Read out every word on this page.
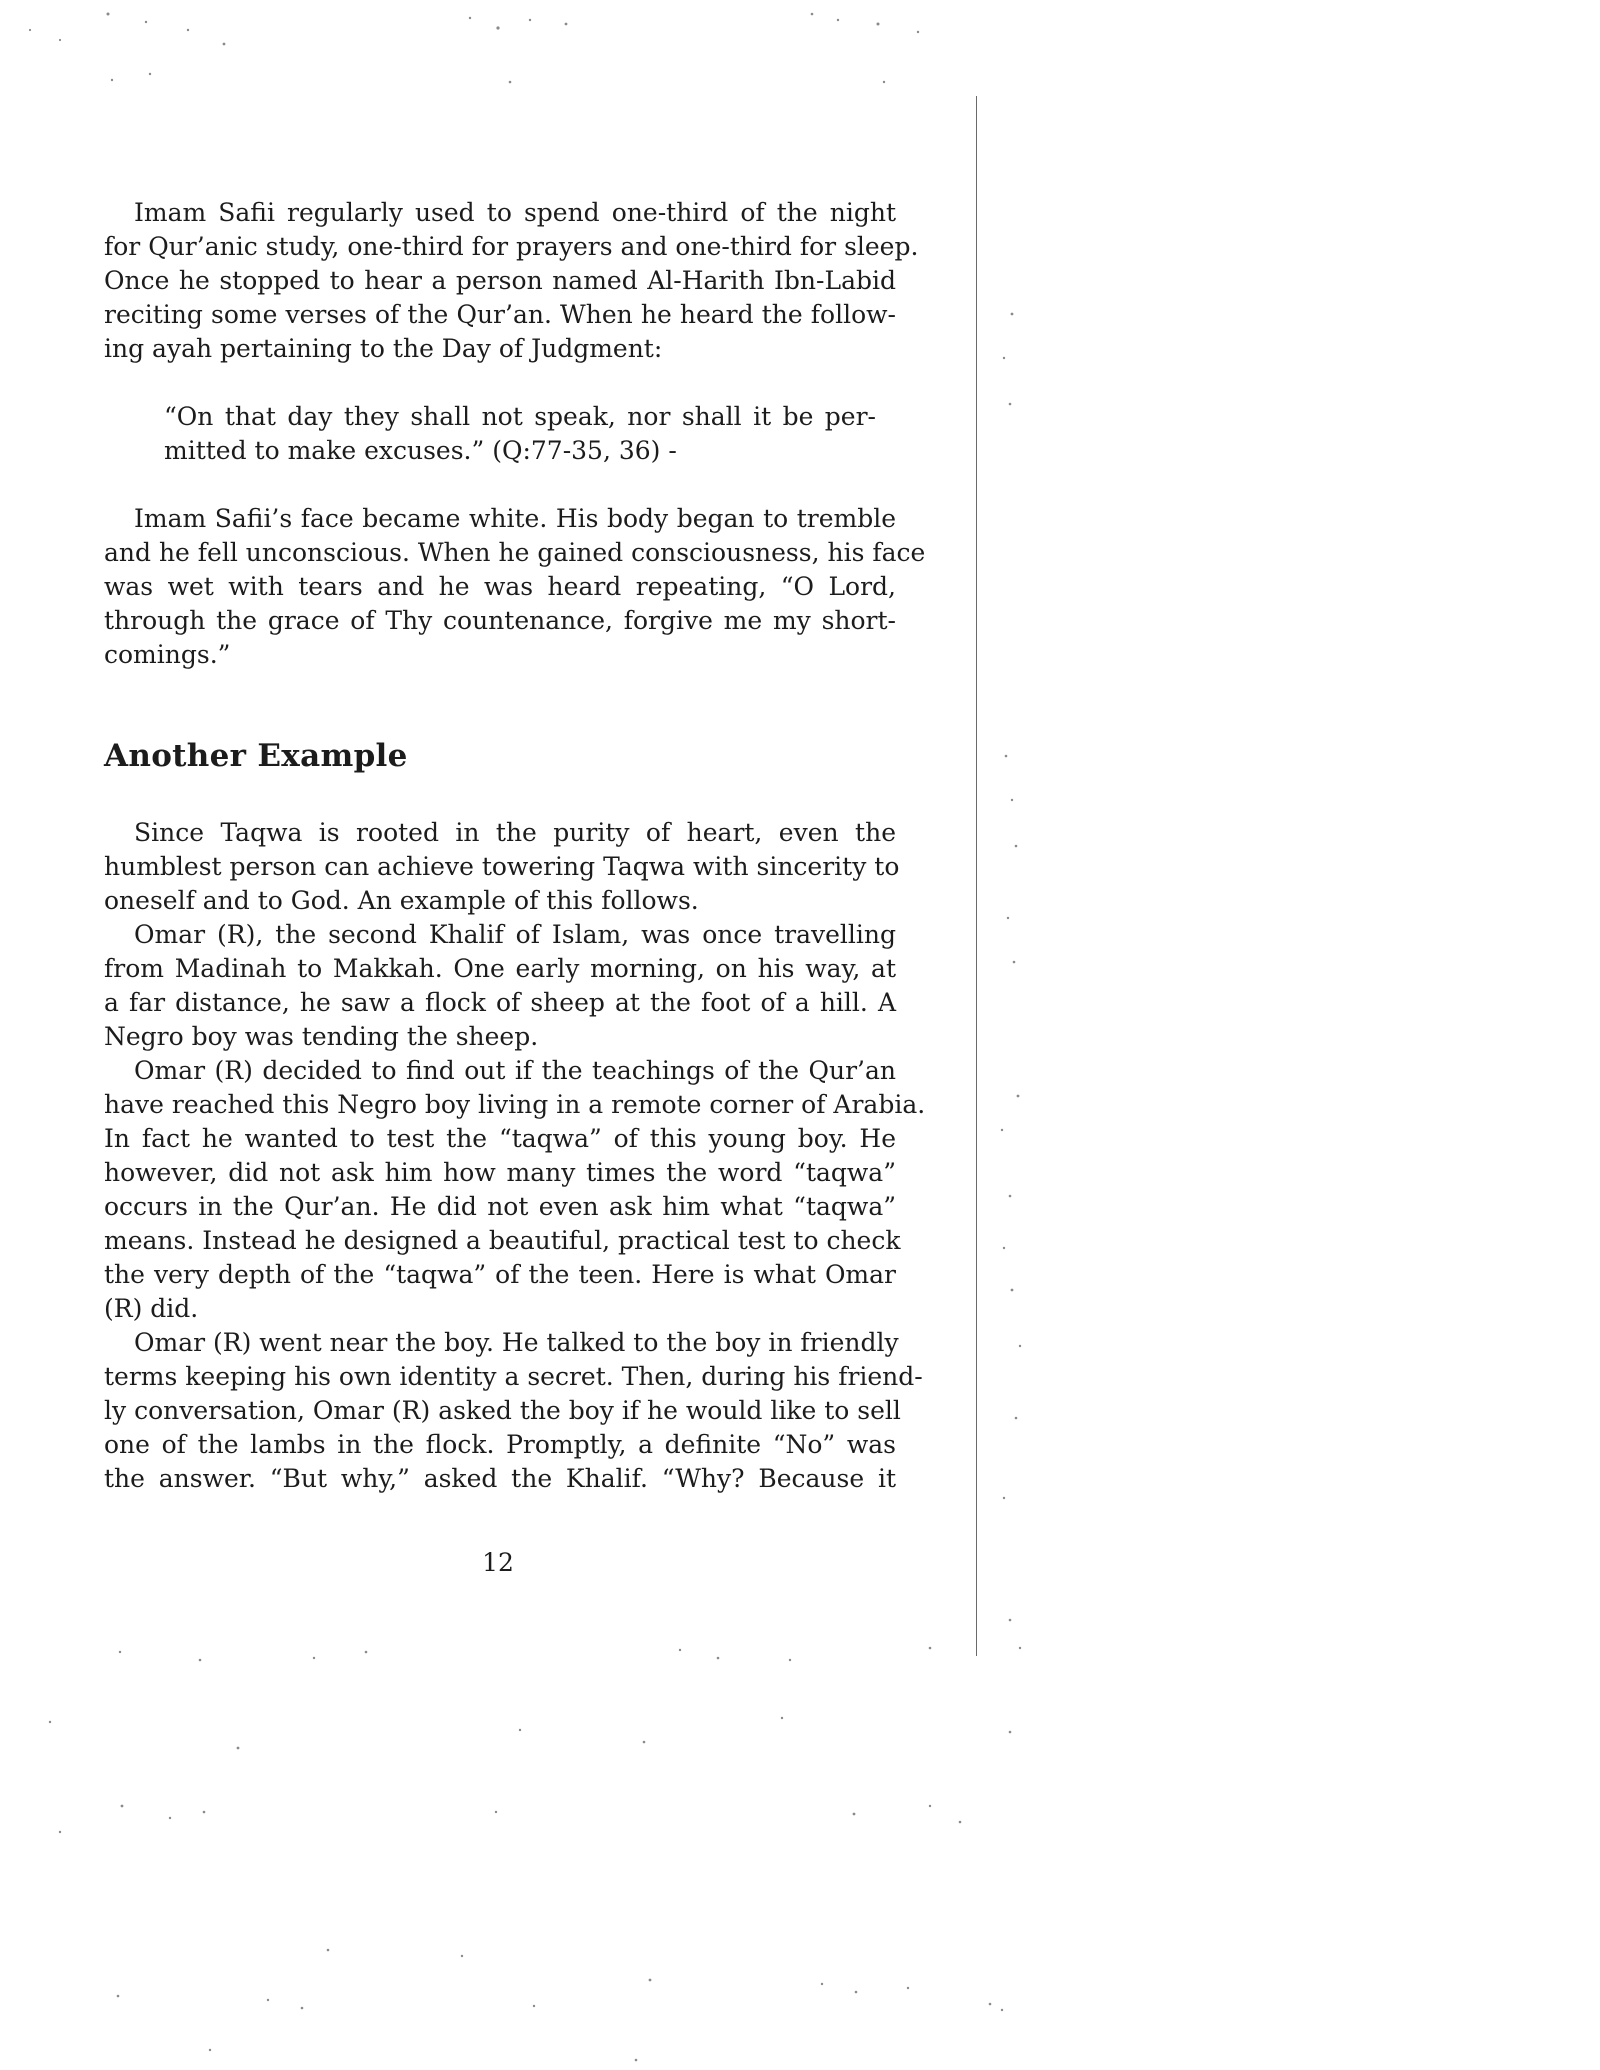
Imam Safii regularly used to spend one-third of the night
for Qur’anic study, one-third for prayers and one-third for sleep.
Once he stopped to hear a person named Al-Harith Ibn-Labid
reciting some verses of the Qur’an. When he heard the follow-
ing ayah pertaining to the Day of Judgment:
“On that day they shall not speak, nor shall it be per-
mitted to make excuses.” (Q:77-35, 36) -
Imam Safii’s face became white. His body began to tremble
and he fell unconscious. When he gained consciousness, his face
was wet with tears and he was heard repeating, “O Lord,
through the grace of Thy countenance, forgive me my short-
comings.”
Another Example
Since Taqwa is rooted in the purity of heart, even the
humblest person can achieve towering Taqwa with sincerity to
oneself and to God. An example of this follows.
Omar (R), the second Khalif of Islam, was once travelling
from Madinah to Makkah. One early morning, on his way, at
a far distance, he saw a flock of sheep at the foot of a hill. A
Negro boy was tending the sheep.
Omar (R) decided to find out if the teachings of the Qur’an
have reached this Negro boy living in a remote corner of Arabia.
In fact he wanted to test the “taqwa” of this young boy. He
however, did not ask him how many times the word “taqwa”
occurs in the Qur’an. He did not even ask him what “taqwa”
means. Instead he designed a beautiful, practical test to check
the very depth of the “taqwa” of the teen. Here is what Omar
(R) did.
Omar (R) went near the boy. He talked to the boy in friendly
terms keeping his own identity a secret. Then, during his friend-
ly conversation, Omar (R) asked the boy if he would like to sell
one of the lambs in the flock. Promptly, a definite “No” was
the answer. “But why,” asked the Khalif. “Why? Because it
12
